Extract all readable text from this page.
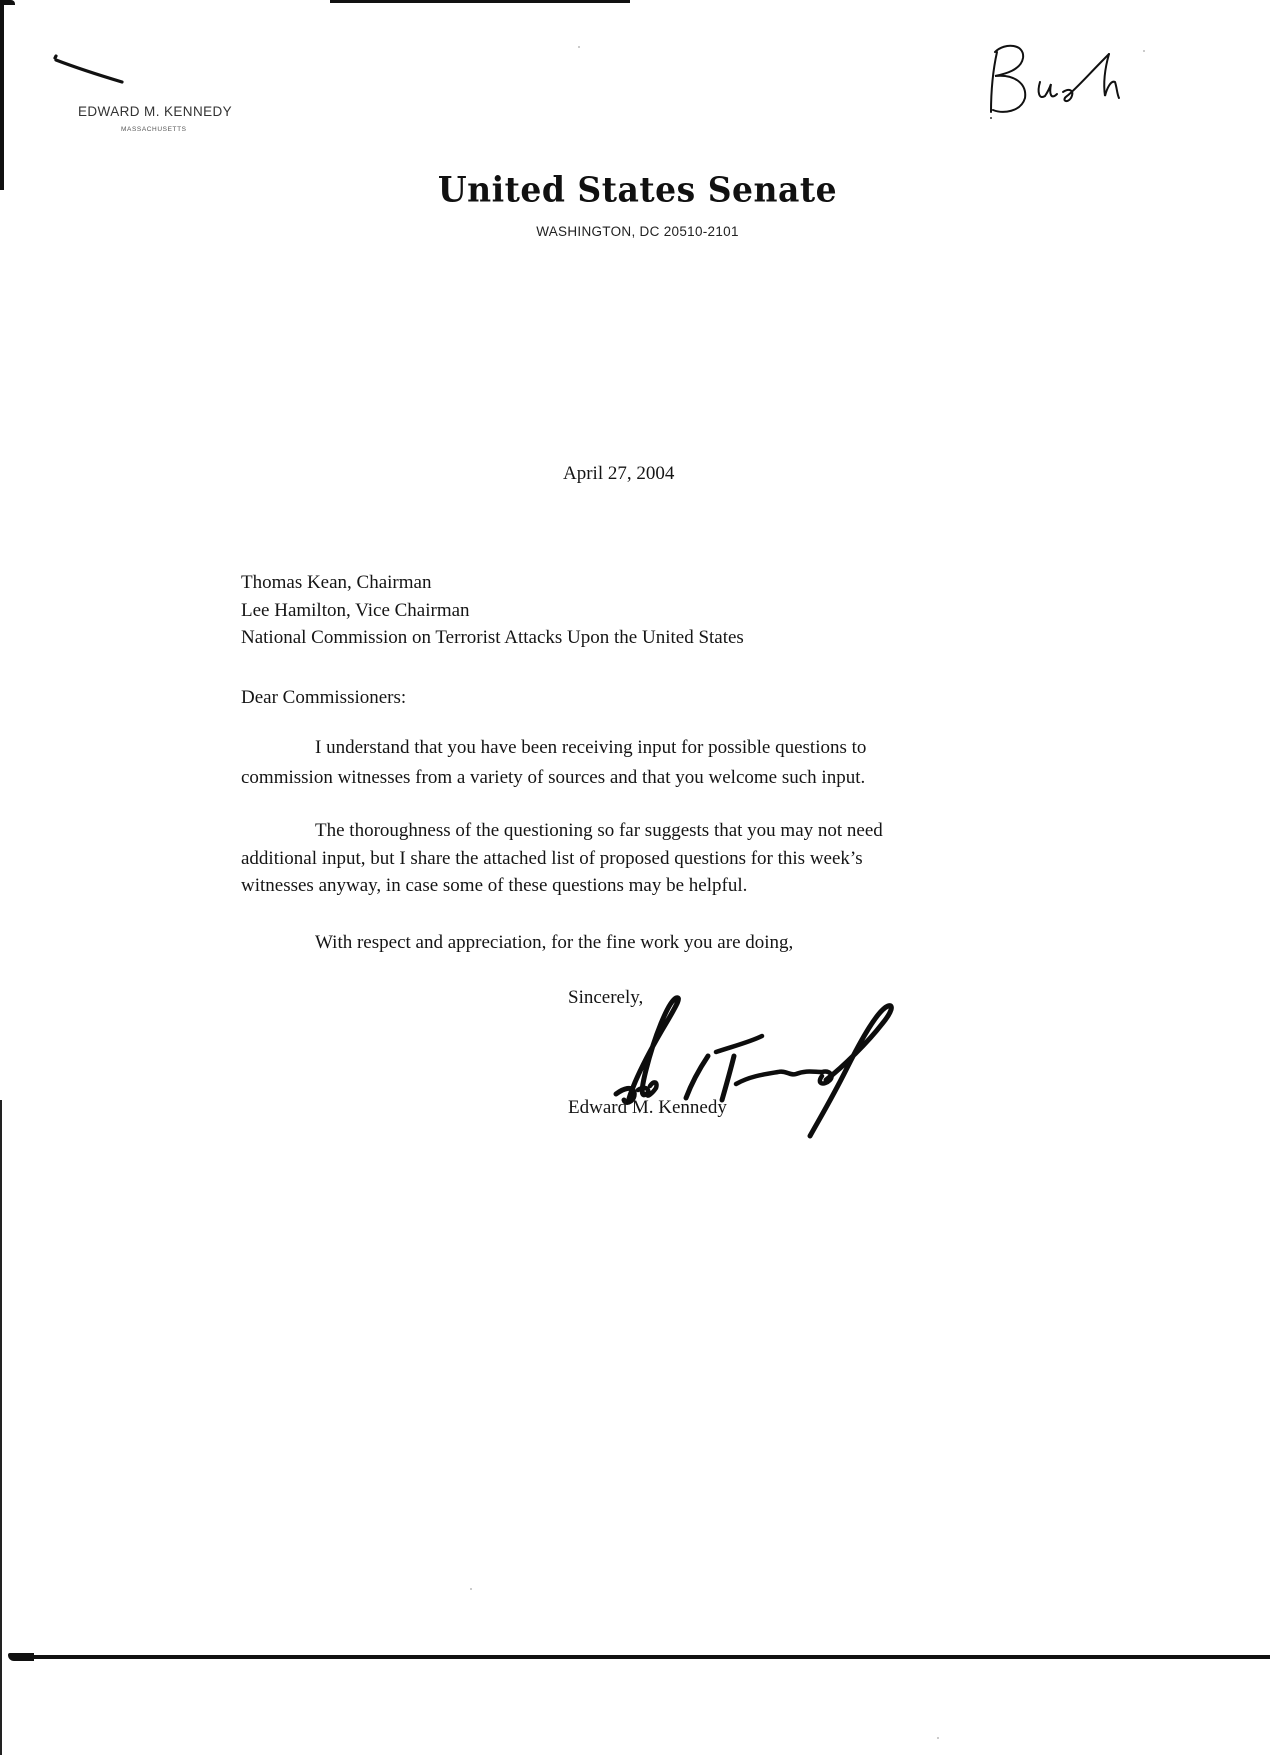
EDWARD M. KENNEDY
MASSACHUSETTS
United States Senate
WASHINGTON, DC 20510-2101
April 27, 2004
Thomas Kean, Chairman
Lee Hamilton, Vice Chairman
National Commission on Terrorist Attacks Upon the United States
Dear Commissioners:
I understand that you have been receiving input for possible questions to
commission witnesses from a variety of sources and that you welcome such input.
The thoroughness of the questioning so far suggests that you may not need
additional input, but I share the attached list of proposed questions for this week’s
witnesses anyway, in case some of these questions may be helpful.
With respect and appreciation, for the fine work you are doing,
Sincerely,
Edward M. Kennedy
